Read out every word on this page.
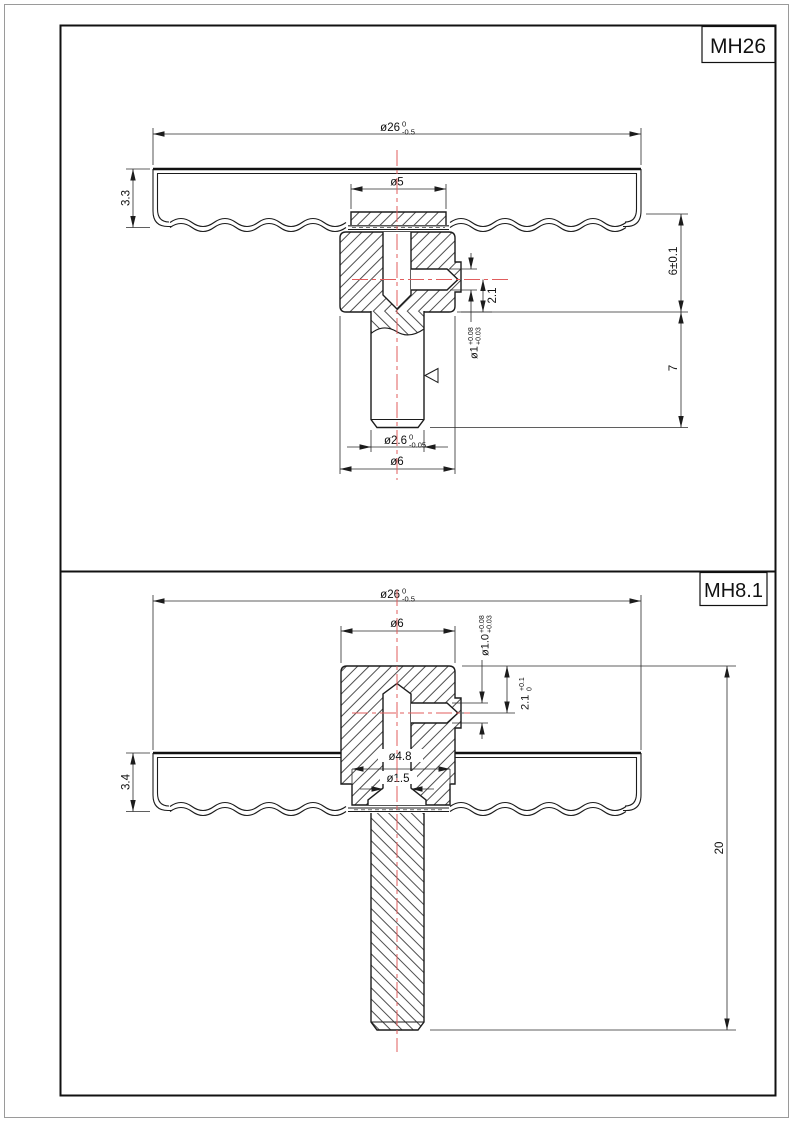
MH26
ø26 0
-0.5
ø5
3.3
2.1
ø1
+0.08 +0.03
6±0.1
7
ø2.6 0
-0.05
ø6
MH8.1
ø26 0
-0.5
ø6
ø1.0
+0.08 +0.03
2.1
+0.1 0
ø4.8
ø1.5
3.4
20
